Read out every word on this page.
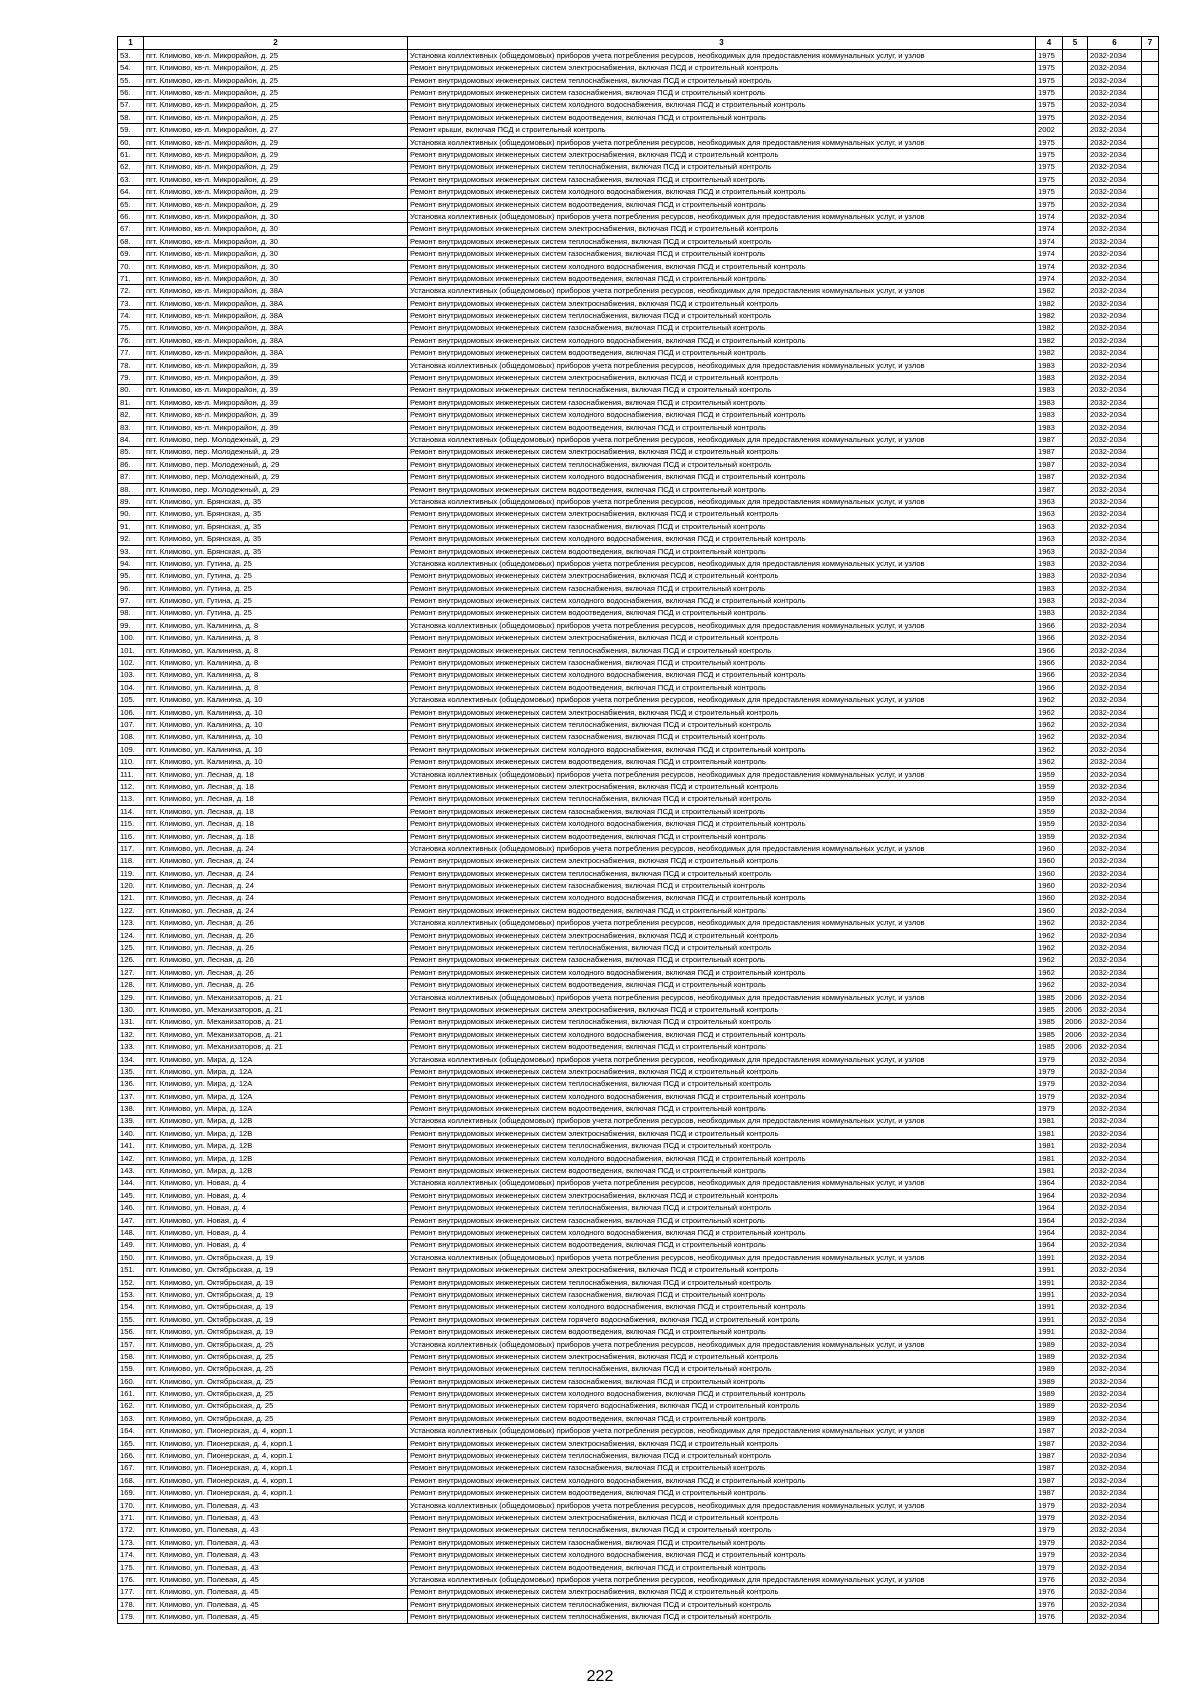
1	2	3	4	5	6	7
53.	пгт. Климово, кв-л. Микрорайон, д. 25	Установка коллективных (общедомовых) приборов учета потребления ресурсов, необходимых для предоставления коммунальных услуг, и узлов	1975		2032-2034	
54.	пгт. Климово, кв-л. Микрорайон, д. 25	Ремонт внутридомовых инженерных систем электроснабжения, включая ПСД и строительный контроль	1975		2032-2034	
55.	пгт. Климово, кв-л. Микрорайон, д. 25	Ремонт внутридомовых инженерных систем теплоснабжения, включая ПСД и строительный контроль	1975		2032-2034	
56.	пгт. Климово, кв-л. Микрорайон, д. 25	Ремонт внутридомовых инженерных систем газоснабжения, включая ПСД и строительный контроль	1975		2032-2034	
57.	пгт. Климово, кв-л. Микрорайон, д. 25	Ремонт внутридомовых инженерных систем холодного водоснабжения, включая ПСД и строительный контроль	1975		2032-2034	
58.	пгт. Климово, кв-л. Микрорайон, д. 25	Ремонт внутридомовых инженерных систем водоотведения, включая ПСД и строительный контроль	1975		2032-2034	
59.	пгт. Климово, кв-л. Микрорайон, д. 27	Ремонт крыши, включая ПСД и строительный контроль	2002		2032-2034	
60.	пгт. Климово, кв-л. Микрорайон, д. 29	Установка коллективных (общедомовых) приборов учета потребления ресурсов, необходимых для предоставления коммунальных услуг, и узлов	1975		2032-2034	
61.	пгт. Климово, кв-л. Микрорайон, д. 29	Ремонт внутридомовых инженерных систем электроснабжения, включая ПСД и строительный контроль	1975		2032-2034	
62.	пгт. Климово, кв-л. Микрорайон, д. 29	Ремонт внутридомовых инженерных систем теплоснабжения, включая ПСД и строительный контроль	1975		2032-2034	
63.	пгт. Климово, кв-л. Микрорайон, д. 29	Ремонт внутридомовых инженерных систем газоснабжения, включая ПСД и строительный контроль	1975		2032-2034	
64.	пгт. Климово, кв-л. Микрорайон, д. 29	Ремонт внутридомовых инженерных систем холодного водоснабжения, включая ПСД и строительный контроль	1975		2032-2034	
65.	пгт. Климово, кв-л. Микрорайон, д. 29	Ремонт внутридомовых инженерных систем водоотведения, включая ПСД и строительный контроль	1975		2032-2034	
66.	пгт. Климово, кв-л. Микрорайон, д. 30	Установка коллективных (общедомовых) приборов учета потребления ресурсов, необходимых для предоставления коммунальных услуг, и узлов	1974		2032-2034	
67.	пгт. Климово, кв-л. Микрорайон, д. 30	Ремонт внутридомовых инженерных систем электроснабжения, включая ПСД и строительный контроль	1974		2032-2034	
68.	пгт. Климово, кв-л. Микрорайон, д. 30	Ремонт внутридомовых инженерных систем теплоснабжения, включая ПСД и строительный контроль	1974		2032-2034	
69.	пгт. Климово, кв-л. Микрорайон, д. 30	Ремонт внутридомовых инженерных систем газоснабжения, включая ПСД и строительный контроль	1974		2032-2034	
70.	пгт. Климово, кв-л. Микрорайон, д. 30	Ремонт внутридомовых инженерных систем холодного водоснабжения, включая ПСД и строительный контроль	1974		2032-2034	
71.	пгт. Климово, кв-л. Микрорайон, д. 30	Ремонт внутридомовых инженерных систем водоотведения, включая ПСД и строительный контроль	1974		2032-2034	
72.	пгт. Климово, кв-л. Микрорайон, д. 38А	Установка коллективных (общедомовых) приборов учета потребления ресурсов, необходимых для предоставления коммунальных услуг, и узлов	1982		2032-2034	
73.	пгт. Климово, кв-л. Микрорайон, д. 38А	Ремонт внутридомовых инженерных систем электроснабжения, включая ПСД и строительный контроль	1982		2032-2034	
74.	пгт. Климово, кв-л. Микрорайон, д. 38А	Ремонт внутридомовых инженерных систем теплоснабжения, включая ПСД и строительный контроль	1982		2032-2034	
75.	пгт. Климово, кв-л. Микрорайон, д. 38А	Ремонт внутридомовых инженерных систем газоснабжения, включая ПСД и строительный контроль	1982		2032-2034	
76.	пгт. Климово, кв-л. Микрорайон, д. 38А	Ремонт внутридомовых инженерных систем холодного водоснабжения, включая ПСД и строительный контроль	1982		2032-2034	
77.	пгт. Климово, кв-л. Микрорайон, д. 38А	Ремонт внутридомовых инженерных систем водоотведения, включая ПСД и строительный контроль	1982		2032-2034	
78.	пгт. Климово, кв-л. Микрорайон, д. 39	Установка коллективных (общедомовых) приборов учета потребления ресурсов, необходимых для предоставления коммунальных услуг, и узлов	1983		2032-2034	
79.	пгт. Климово, кв-л. Микрорайон, д. 39	Ремонт внутридомовых инженерных систем электроснабжения, включая ПСД и строительный контроль	1983		2032-2034	
80.	пгт. Климово, кв-л. Микрорайон, д. 39	Ремонт внутридомовых инженерных систем теплоснабжения, включая ПСД и строительный контроль	1983		2032-2034	
81.	пгт. Климово, кв-л. Микрорайон, д. 39	Ремонт внутридомовых инженерных систем газоснабжения, включая ПСД и строительный контроль	1983		2032-2034	
82.	пгт. Климово, кв-л. Микрорайон, д. 39	Ремонт внутридомовых инженерных систем холодного водоснабжения, включая ПСД и строительный контроль	1983		2032-2034	
83.	пгт. Климово, кв-л. Микрорайон, д. 39	Ремонт внутридомовых инженерных систем водоотведения, включая ПСД и строительный контроль	1983		2032-2034	
84.	пгт. Климово, пер. Молодежный, д. 29	Установка коллективных (общедомовых) приборов учета потребления ресурсов, необходимых для предоставления коммунальных услуг, и узлов	1987		2032-2034	
85.	пгт. Климово, пер. Молодежный, д. 29	Ремонт внутридомовых инженерных систем электроснабжения, включая ПСД и строительный контроль	1987		2032-2034	
86.	пгт. Климово, пер. Молодежный, д. 29	Ремонт внутридомовых инженерных систем теплоснабжения, включая ПСД и строительный контроль	1987		2032-2034	
87.	пгт. Климово, пер. Молодежный, д. 29	Ремонт внутридомовых инженерных систем холодного водоснабжения, включая ПСД и строительный контроль	1987		2032-2034	
88.	пгт. Климово, пер. Молодежный, д. 29	Ремонт внутридомовых инженерных систем водоотведения, включая ПСД и строительный контроль	1987		2032-2034	
89.	пгт. Климово, ул. Брянская, д. 35	Установка коллективных (общедомовых) приборов учета потребления ресурсов, необходимых для предоставления коммунальных услуг, и узлов	1963		2032-2034	
90.	пгт. Климово, ул. Брянская, д. 35	Ремонт внутридомовых инженерных систем электроснабжения, включая ПСД и строительный контроль	1963		2032-2034	
91.	пгт. Климово, ул. Брянская, д. 35	Ремонт внутридомовых инженерных систем газоснабжения, включая ПСД и строительный контроль	1963		2032-2034	
92.	пгт. Климово, ул. Брянская, д. 35	Ремонт внутридомовых инженерных систем холодного водоснабжения, включая ПСД и строительный контроль	1963		2032-2034	
93.	пгт. Климово, ул. Брянская, д. 35	Ремонт внутридомовых инженерных систем водоотведения, включая ПСД и строительный контроль	1963		2032-2034	
94.	пгт. Климово, ул. Гутина, д. 25	Установка коллективных (общедомовых) приборов учета потребления ресурсов, необходимых для предоставления коммунальных услуг, и узлов	1983		2032-2034	
95.	пгт. Климово, ул. Гутина, д. 25	Ремонт внутридомовых инженерных систем электроснабжения, включая ПСД и строительный контроль	1983		2032-2034	
96.	пгт. Климово, ул. Гутина, д. 25	Ремонт внутридомовых инженерных систем газоснабжения, включая ПСД и строительный контроль	1983		2032-2034	
97.	пгт. Климово, ул. Гутина, д. 25	Ремонт внутридомовых инженерных систем холодного водоснабжения, включая ПСД и строительный контроль	1983		2032-2034	
98.	пгт. Климово, ул. Гутина, д. 25	Ремонт внутридомовых инженерных систем водоотведения, включая ПСД и строительный контроль	1983		2032-2034	
99.	пгт. Климово, ул. Калинина, д. 8	Установка коллективных (общедомовых) приборов учета потребления ресурсов, необходимых для предоставления коммунальных услуг, и узлов	1966		2032-2034	
100.	пгт. Климово, ул. Калинина, д. 8	Ремонт внутридомовых инженерных систем электроснабжения, включая ПСД и строительный контроль	1966		2032-2034	
101.	пгт. Климово, ул. Калинина, д. 8	Ремонт внутридомовых инженерных систем теплоснабжения, включая ПСД и строительный контроль	1966		2032-2034	
102.	пгт. Климово, ул. Калинина, д. 8	Ремонт внутридомовых инженерных систем газоснабжения, включая ПСД и строительный контроль	1966		2032-2034	
103.	пгт. Климово, ул. Калинина, д. 8	Ремонт внутридомовых инженерных систем холодного водоснабжения, включая ПСД и строительный контроль	1966		2032-2034	
104.	пгт. Климово, ул. Калинина, д. 8	Ремонт внутридомовых инженерных систем водоотведения, включая ПСД и строительный контроль	1966		2032-2034	
105.	пгт. Климово, ул. Калинина, д. 10	Установка коллективных (общедомовых) приборов учета потребления ресурсов, необходимых для предоставления коммунальных услуг, и узлов	1962		2032-2034	
106.	пгт. Климово, ул. Калинина, д. 10	Ремонт внутридомовых инженерных систем электроснабжения, включая ПСД и строительный контроль	1962		2032-2034	
107.	пгт. Климово, ул. Калинина, д. 10	Ремонт внутридомовых инженерных систем теплоснабжения, включая ПСД и строительный контроль	1962		2032-2034	
108.	пгт. Климово, ул. Калинина, д. 10	Ремонт внутридомовых инженерных систем газоснабжения, включая ПСД и строительный контроль	1962		2032-2034	
109.	пгт. Климово, ул. Калинина, д. 10	Ремонт внутридомовых инженерных систем холодного водоснабжения, включая ПСД и строительный контроль	1962		2032-2034	
110.	пгт. Климово, ул. Калинина, д. 10	Ремонт внутридомовых инженерных систем водоотведения, включая ПСД и строительный контроль	1962		2032-2034	
111.	пгт. Климово, ул. Лесная, д. 18	Установка коллективных (общедомовых) приборов учета потребления ресурсов, необходимых для предоставления коммунальных услуг, и узлов	1959		2032-2034	
112.	пгт. Климово, ул. Лесная, д. 18	Ремонт внутридомовых инженерных систем электроснабжения, включая ПСД и строительный контроль	1959		2032-2034	
113.	пгт. Климово, ул. Лесная, д. 18	Ремонт внутридомовых инженерных систем теплоснабжения, включая ПСД и строительный контроль	1959		2032-2034	
114.	пгт. Климово, ул. Лесная, д. 18	Ремонт внутридомовых инженерных систем газоснабжения, включая ПСД и строительный контроль	1959		2032-2034	
115.	пгт. Климово, ул. Лесная, д. 18	Ремонт внутридомовых инженерных систем холодного водоснабжения, включая ПСД и строительный контроль	1959		2032-2034	
116.	пгт. Климово, ул. Лесная, д. 18	Ремонт внутридомовых инженерных систем водоотведения, включая ПСД и строительный контроль	1959		2032-2034	
117.	пгт. Климово, ул. Лесная, д. 24	Установка коллективных (общедомовых) приборов учета потребления ресурсов, необходимых для предоставления коммунальных услуг, и узлов	1960		2032-2034	
118.	пгт. Климово, ул. Лесная, д. 24	Ремонт внутридомовых инженерных систем электроснабжения, включая ПСД и строительный контроль	1960		2032-2034	
119.	пгт. Климово, ул. Лесная, д. 24	Ремонт внутридомовых инженерных систем теплоснабжения, включая ПСД и строительный контроль	1960		2032-2034	
120.	пгт. Климово, ул. Лесная, д. 24	Ремонт внутридомовых инженерных систем газоснабжения, включая ПСД и строительный контроль	1960		2032-2034	
121.	пгт. Климово, ул. Лесная, д. 24	Ремонт внутридомовых инженерных систем холодного водоснабжения, включая ПСД и строительный контроль	1960		2032-2034	
122.	пгт. Климово, ул. Лесная, д. 24	Ремонт внутридомовых инженерных систем водоотведения, включая ПСД и строительный контроль	1960		2032-2034	
123.	пгт. Климово, ул. Лесная, д. 26	Установка коллективных (общедомовых) приборов учета потребления ресурсов, необходимых для предоставления коммунальных услуг, и узлов	1962		2032-2034	
124.	пгт. Климово, ул. Лесная, д. 26	Ремонт внутридомовых инженерных систем электроснабжения, включая ПСД и строительный контроль	1962		2032-2034	
125.	пгт. Климово, ул. Лесная, д. 26	Ремонт внутридомовых инженерных систем теплоснабжения, включая ПСД и строительный контроль	1962		2032-2034	
126.	пгт. Климово, ул. Лесная, д. 26	Ремонт внутридомовых инженерных систем газоснабжения, включая ПСД и строительный контроль	1962		2032-2034	
127.	пгт. Климово, ул. Лесная, д. 26	Ремонт внутридомовых инженерных систем холодного водоснабжения, включая ПСД и строительный контроль	1962		2032-2034	
128.	пгт. Климово, ул. Лесная, д. 26	Ремонт внутридомовых инженерных систем водоотведения, включая ПСД и строительный контроль	1962		2032-2034	
129.	пгт. Климово, ул. Механизаторов, д. 21	Установка коллективных (общедомовых) приборов учета потребления ресурсов, необходимых для предоставления коммунальных услуг, и узлов	1985	2006	2032-2034	
130.	пгт. Климово, ул. Механизаторов, д. 21	Ремонт внутридомовых инженерных систем электроснабжения, включая ПСД и строительный контроль	1985	2006	2032-2034	
131.	пгт. Климово, ул. Механизаторов, д. 21	Ремонт внутридомовых инженерных систем теплоснабжения, включая ПСД и строительный контроль	1985	2006	2032-2034	
132.	пгт. Климово, ул. Механизаторов, д. 21	Ремонт внутридомовых инженерных систем холодного водоснабжения, включая ПСД и строительный контроль	1985	2006	2032-2034	
133.	пгт. Климово, ул. Механизаторов, д. 21	Ремонт внутридомовых инженерных систем водоотведения, включая ПСД и строительный контроль	1985	2006	2032-2034	
134.	пгт. Климово, ул. Мира, д. 12А	Установка коллективных (общедомовых) приборов учета потребления ресурсов, необходимых для предоставления коммунальных услуг, и узлов	1979		2032-2034	
135.	пгт. Климово, ул. Мира, д. 12А	Ремонт внутридомовых инженерных систем электроснабжения, включая ПСД и строительный контроль	1979		2032-2034	
136.	пгт. Климово, ул. Мира, д. 12А	Ремонт внутридомовых инженерных систем теплоснабжения, включая ПСД и строительный контроль	1979		2032-2034	
137.	пгт. Климово, ул. Мира, д. 12А	Ремонт внутридомовых инженерных систем холодного водоснабжения, включая ПСД и строительный контроль	1979		2032-2034	
138.	пгт. Климово, ул. Мира, д. 12А	Ремонт внутридомовых инженерных систем водоотведения, включая ПСД и строительный контроль	1979		2032-2034	
139.	пгт. Климово, ул. Мира, д. 12В	Установка коллективных (общедомовых) приборов учета потребления ресурсов, необходимых для предоставления коммунальных услуг, и узлов	1981		2032-2034	
140.	пгт. Климово, ул. Мира, д. 12В	Ремонт внутридомовых инженерных систем электроснабжения, включая ПСД и строительный контроль	1981		2032-2034	
141.	пгт. Климово, ул. Мира, д. 12В	Ремонт внутридомовых инженерных систем теплоснабжения, включая ПСД и строительный контроль	1981		2032-2034	
142.	пгт. Климово, ул. Мира, д. 12В	Ремонт внутридомовых инженерных систем холодного водоснабжения, включая ПСД и строительный контроль	1981		2032-2034	
143.	пгт. Климово, ул. Мира, д. 12В	Ремонт внутридомовых инженерных систем водоотведения, включая ПСД и строительный контроль	1981		2032-2034	
144.	пгт. Климово, ул. Новая, д. 4	Установка коллективных (общедомовых) приборов учета потребления ресурсов, необходимых для предоставления коммунальных услуг, и узлов	1964		2032-2034	
145.	пгт. Климово, ул. Новая, д. 4	Ремонт внутридомовых инженерных систем электроснабжения, включая ПСД и строительный контроль	1964		2032-2034	
146.	пгт. Климово, ул. Новая, д. 4	Ремонт внутридомовых инженерных систем теплоснабжения, включая ПСД и строительный контроль	1964		2032-2034	
147.	пгт. Климово, ул. Новая, д. 4	Ремонт внутридомовых инженерных систем газоснабжения, включая ПСД и строительный контроль	1964		2032-2034	
148.	пгт. Климово, ул. Новая, д. 4	Ремонт внутридомовых инженерных систем холодного водоснабжения, включая ПСД и строительный контроль	1964		2032-2034	
149.	пгт. Климово, ул. Новая, д. 4	Ремонт внутридомовых инженерных систем водоотведения, включая ПСД и строительный контроль	1964		2032-2034	
150.	пгт. Климово, ул. Октябрьская, д. 19	Установка коллективных (общедомовых) приборов учета потребления ресурсов, необходимых для предоставления коммунальных услуг, и узлов	1991		2032-2034	
151.	пгт. Климово, ул. Октябрьская, д. 19	Ремонт внутридомовых инженерных систем электроснабжения, включая ПСД и строительный контроль	1991		2032-2034	
152.	пгт. Климово, ул. Октябрьская, д. 19	Ремонт внутридомовых инженерных систем теплоснабжения, включая ПСД и строительный контроль	1991		2032-2034	
153.	пгт. Климово, ул. Октябрьская, д. 19	Ремонт внутридомовых инженерных систем газоснабжения, включая ПСД и строительный контроль	1991		2032-2034	
154.	пгт. Климово, ул. Октябрьская, д. 19	Ремонт внутридомовых инженерных систем холодного водоснабжения, включая ПСД и строительный контроль	1991		2032-2034	
155.	пгт. Климово, ул. Октябрьская, д. 19	Ремонт внутридомовых инженерных систем горячего водоснабжения, включая ПСД и строительный контроль	1991		2032-2034	
156.	пгт. Климово, ул. Октябрьская, д. 19	Ремонт внутридомовых инженерных систем водоотведения, включая ПСД и строительный контроль	1991		2032-2034	
157.	пгт. Климово, ул. Октябрьская, д. 25	Установка коллективных (общедомовых) приборов учета потребления ресурсов, необходимых для предоставления коммунальных услуг, и узлов	1989		2032-2034	
158.	пгт. Климово, ул. Октябрьская, д. 25	Ремонт внутридомовых инженерных систем электроснабжения, включая ПСД и строительный контроль	1989		2032-2034	
159.	пгт. Климово, ул. Октябрьская, д. 25	Ремонт внутридомовых инженерных систем теплоснабжения, включая ПСД и строительный контроль	1989		2032-2034	
160.	пгт. Климово, ул. Октябрьская, д. 25	Ремонт внутридомовых инженерных систем газоснабжения, включая ПСД и строительный контроль	1989		2032-2034	
161.	пгт. Климово, ул. Октябрьская, д. 25	Ремонт внутридомовых инженерных систем холодного водоснабжения, включая ПСД и строительный контроль	1989		2032-2034	
162.	пгт. Климово, ул. Октябрьская, д. 25	Ремонт внутридомовых инженерных систем горячего водоснабжения, включая ПСД и строительный контроль	1989		2032-2034	
163.	пгт. Климово, ул. Октябрьская, д. 25	Ремонт внутридомовых инженерных систем водоотведения, включая ПСД и строительный контроль	1989		2032-2034	
164.	пгт. Климово, ул. Пионерская, д. 4, корп.1	Установка коллективных (общедомовых) приборов учета потребления ресурсов, необходимых для предоставления коммунальных услуг, и узлов	1987		2032-2034	
165.	пгт. Климово, ул. Пионерская, д. 4, корп.1	Ремонт внутридомовых инженерных систем электроснабжения, включая ПСД и строительный контроль	1987		2032-2034	
166.	пгт. Климово, ул. Пионерская, д. 4, корп.1	Ремонт внутридомовых инженерных систем теплоснабжения, включая ПСД и строительный контроль	1987		2032-2034	
167.	пгт. Климово, ул. Пионерская, д. 4, корп.1	Ремонт внутридомовых инженерных систем газоснабжения, включая ПСД и строительный контроль	1987		2032-2034	
168.	пгт. Климово, ул. Пионерская, д. 4, корп.1	Ремонт внутридомовых инженерных систем холодного водоснабжения, включая ПСД и строительный контроль	1987		2032-2034	
169.	пгт. Климово, ул. Пионерская, д. 4, корп.1	Ремонт внутридомовых инженерных систем водоотведения, включая ПСД и строительный контроль	1987		2032-2034	
170.	пгт. Климово, ул. Полевая, д. 43	Установка коллективных (общедомовых) приборов учета потребления ресурсов, необходимых для предоставления коммунальных услуг, и узлов	1979		2032-2034	
171.	пгт. Климово, ул. Полевая, д. 43	Ремонт внутридомовых инженерных систем электроснабжения, включая ПСД и строительный контроль	1979		2032-2034	
172.	пгт. Климово, ул. Полевая, д. 43	Ремонт внутридомовых инженерных систем теплоснабжения, включая ПСД и строительный контроль	1979		2032-2034	
173.	пгт. Климово, ул. Полевая, д. 43	Ремонт внутридомовых инженерных систем газоснабжения, включая ПСД и строительный контроль	1979		2032-2034	
174.	пгт. Климово, ул. Полевая, д. 43	Ремонт внутридомовых инженерных систем холодного водоснабжения, включая ПСД и строительный контроль	1979		2032-2034	
175.	пгт. Климово, ул. Полевая, д. 43	Ремонт внутридомовых инженерных систем водоотведения, включая ПСД и строительный контроль	1979		2032-2034	
176.	пгт. Климово, ул. Полевая, д. 45	Установка коллективных (общедомовых) приборов учета потребления ресурсов, необходимых для предоставления коммунальных услуг, и узлов	1976		2032-2034	
177.	пгт. Климово, ул. Полевая, д. 45	Ремонт внутридомовых инженерных систем электроснабжения, включая ПСД и строительный контроль	1976		2032-2034	
178.	пгт. Климово, ул. Полевая, д. 45	Ремонт внутридомовых инженерных систем теплоснабжения, включая ПСД и строительный контроль	1976		2032-2034	
179.	пгт. Климово, ул. Полевая, д. 45	Ремонт внутридомовых инженерных систем теплоснабжения, включая ПСД и строительный контроль	1976		2032-2034	
222
